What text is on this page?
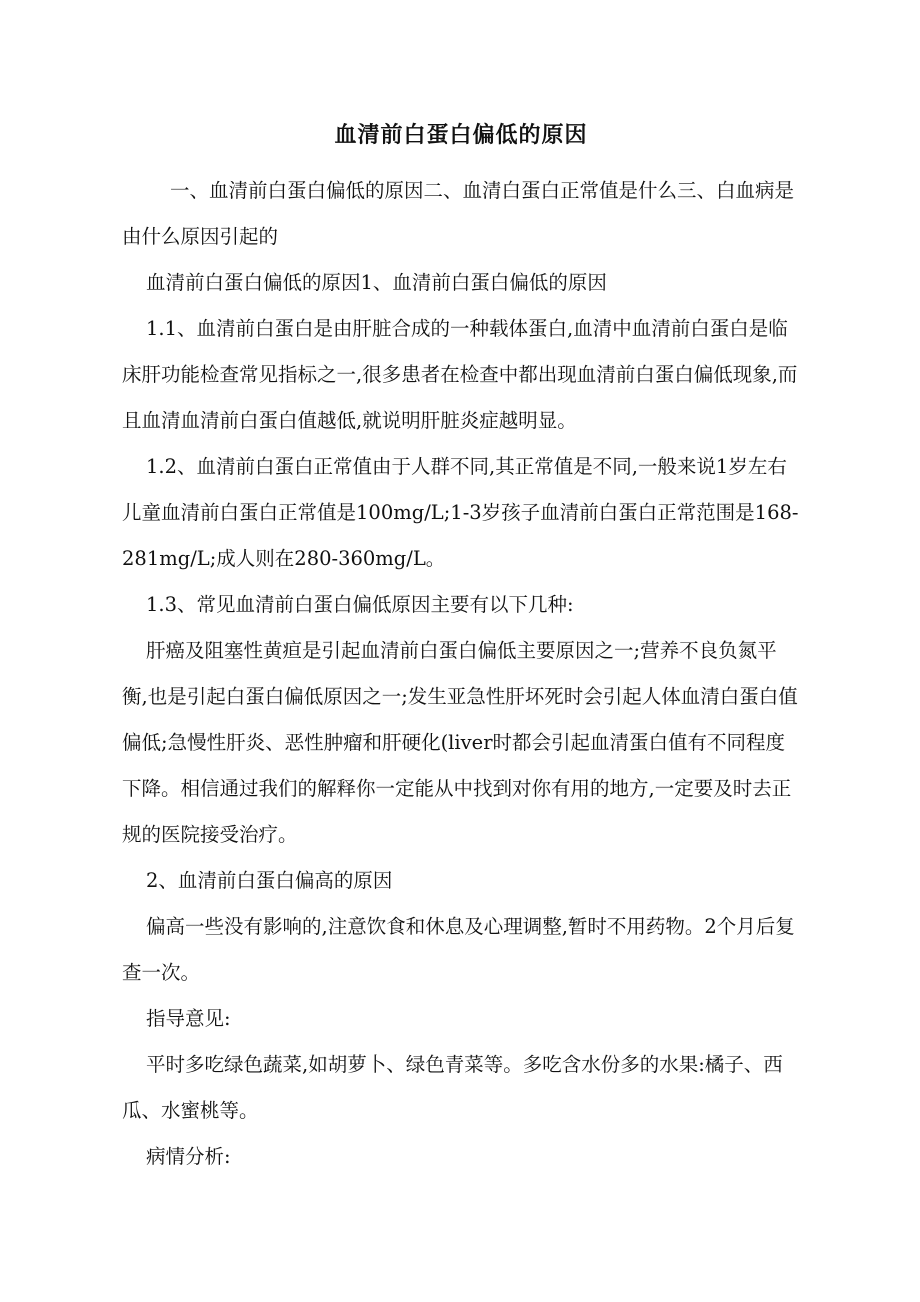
血清前白蛋白偏低的原因

一、血清前白蛋白偏低的原因二、血清白蛋白正常值是什么三、白血病是由什么原因引起的

血清前白蛋白偏低的原因1、血清前白蛋白偏低的原因

1.1、血清前白蛋白是由肝脏合成的一种载体蛋白,血清中血清前白蛋白是临床肝功能检查常见指标之一,很多患者在检查中都出现血清前白蛋白偏低现象,而且血清血清前白蛋白值越低,就说明肝脏炎症越明显。

1.2、血清前白蛋白正常值由于人群不同,其正常值是不同,一般来说1岁左右儿童血清前白蛋白正常值是100mg/L;1-3岁孩子血清前白蛋白正常范围是168-281mg/L;成人则在280-360mg/L。

1.3、常见血清前白蛋白偏低原因主要有以下几种:

肝癌及阻塞性黄疸是引起血清前白蛋白偏低主要原因之一;营养不良负氮平衡,也是引起白蛋白偏低原因之一;发生亚急性肝坏死时会引起人体血清白蛋白值偏低;急慢性肝炎、恶性肿瘤和肝硬化(liver时都会引起血清蛋白值有不同程度下降。相信通过我们的解释你一定能从中找到对你有用的地方,一定要及时去正规的医院接受治疗。

2、血清前白蛋白偏高的原因

偏高一些没有影响的,注意饮食和休息及心理调整,暂时不用药物。2个月后复查一次。

指导意见:

平时多吃绿色蔬菜,如胡萝卜、绿色青菜等。多吃含水份多的水果:橘子、西瓜、水蜜桃等。

病情分析:
